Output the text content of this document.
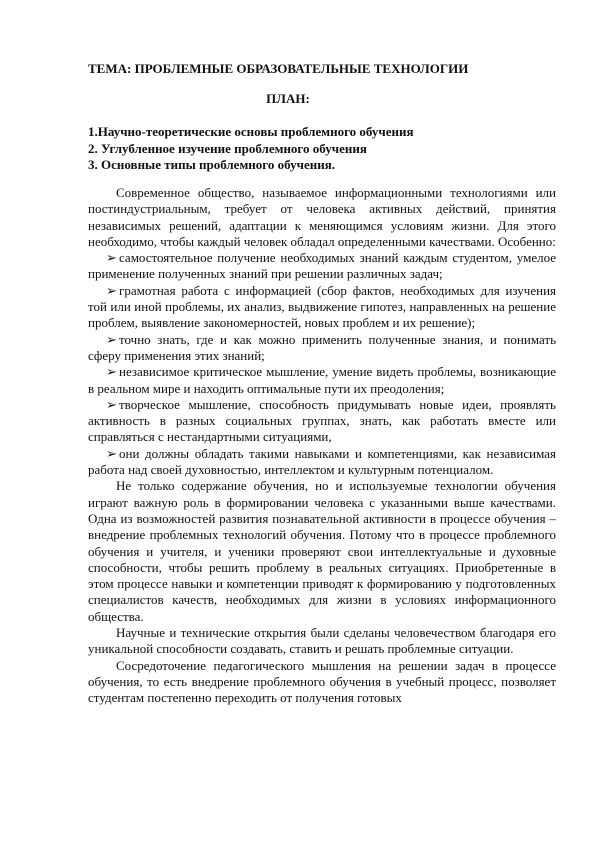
ТЕМА: ПРОБЛЕМНЫЕ ОБРАЗОВАТЕЛЬНЫЕ ТЕХНОЛОГИИ
ПЛАН:
1.Научно-теоретические основы проблемного обучения
2. Углубленное изучение проблемного обучения
3. Основные типы проблемного обучения.

Современное общество, называемое информационными технологиями или постиндустриальным, требует от человека активных действий, принятия независимых решений, адаптации к меняющимся условиям жизни. Для этого необходимо, чтобы каждый человек обладал определенными качествами. Особенно:

➢ самостоятельное получение необходимых знаний каждым студентом, умелое применение полученных знаний при решении различных задач;

➢ грамотная работа с информацией (сбор фактов, необходимых для изучения той или иной проблемы, их анализ, выдвижение гипотез, направленных на решение проблем, выявление закономерностей, новых проблем и их решение);

➢ точно знать, где и как можно применить полученные знания, и понимать сферу применения этих знаний;

➢ независимое критическое мышление, умение видеть проблемы, возникающие в реальном мире и находить оптимальные пути их преодоления;

➢ творческое мышление, способность придумывать новые идеи, проявлять активность в разных социальных группах, знать, как работать вместе или справляться с нестандартными ситуациями,

➢ они должны обладать такими навыками и компетенциями, как независимая работа над своей духовностью, интеллектом и культурным потенциалом.

Не только содержание обучения, но и используемые технологии обучения играют важную роль в формировании человека с указанными выше качествами. Одна из возможностей развития познавательной активности в процессе обучения – внедрение проблемных технологий обучения. Потому что в процессе проблемного обучения и учителя, и ученики проверяют свои интеллектуальные и духовные способности, чтобы решить проблему в реальных ситуациях. Приобретенные в этом процессе навыки и компетенции приводят к формированию у подготовленных специалистов качеств, необходимых для жизни в условиях информационного общества.

Научные и технические открытия были сделаны человечеством благодаря его уникальной способности создавать, ставить и решать проблемные ситуации.

Сосредоточение педагогического мышления на решении задач в процессе обучения, то есть внедрение проблемного обучения в учебный процесс, позволяет студентам постепенно переходить от получения готовых
